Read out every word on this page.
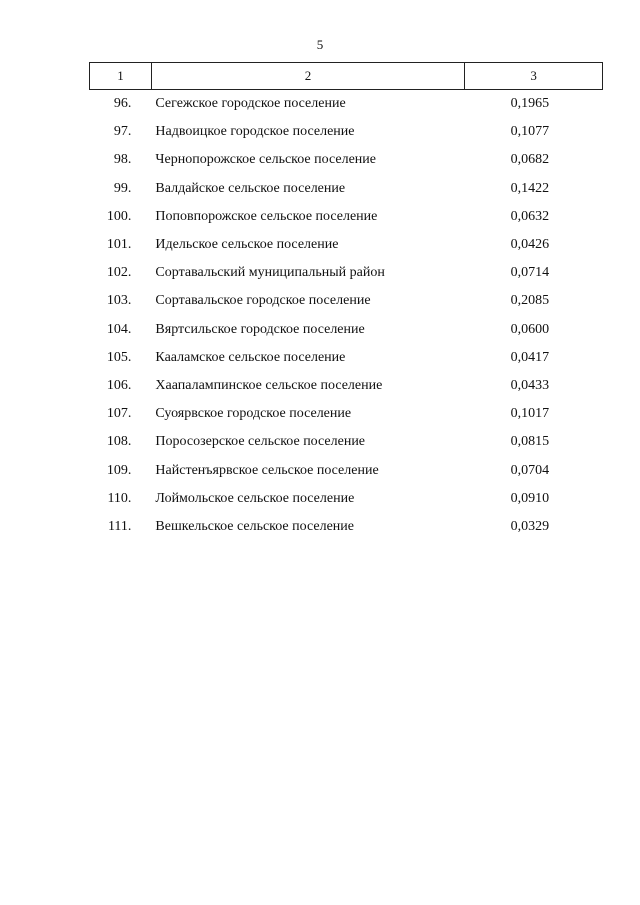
5
1	2	3
96.	Сегежское городское поселение	0,1965
97.	Надвоицкое городское поселение	0,1077
98.	Чернопорожское сельское поселение	0,0682
99.	Валдайское сельское поселение	0,1422
100.	Поповпорожское сельское поселение	0,0632
101.	Идельское сельское поселение	0,0426
102.	Сортавальский муниципальный район	0,0714
103.	Сортавальское городское поселение	0,2085
104.	Вяртсильское городское поселение	0,0600
105.	Кааламское сельское поселение	0,0417
106.	Хаапалампинское сельское поселение	0,0433
107.	Суоярвское городское поселение	0,1017
108.	Поросозерское сельское поселение	0,0815
109.	Найстенъярвское сельское поселение	0,0704
110.	Лоймольское сельское поселение	0,0910
111.	Вешкельское сельское поселение	0,0329
